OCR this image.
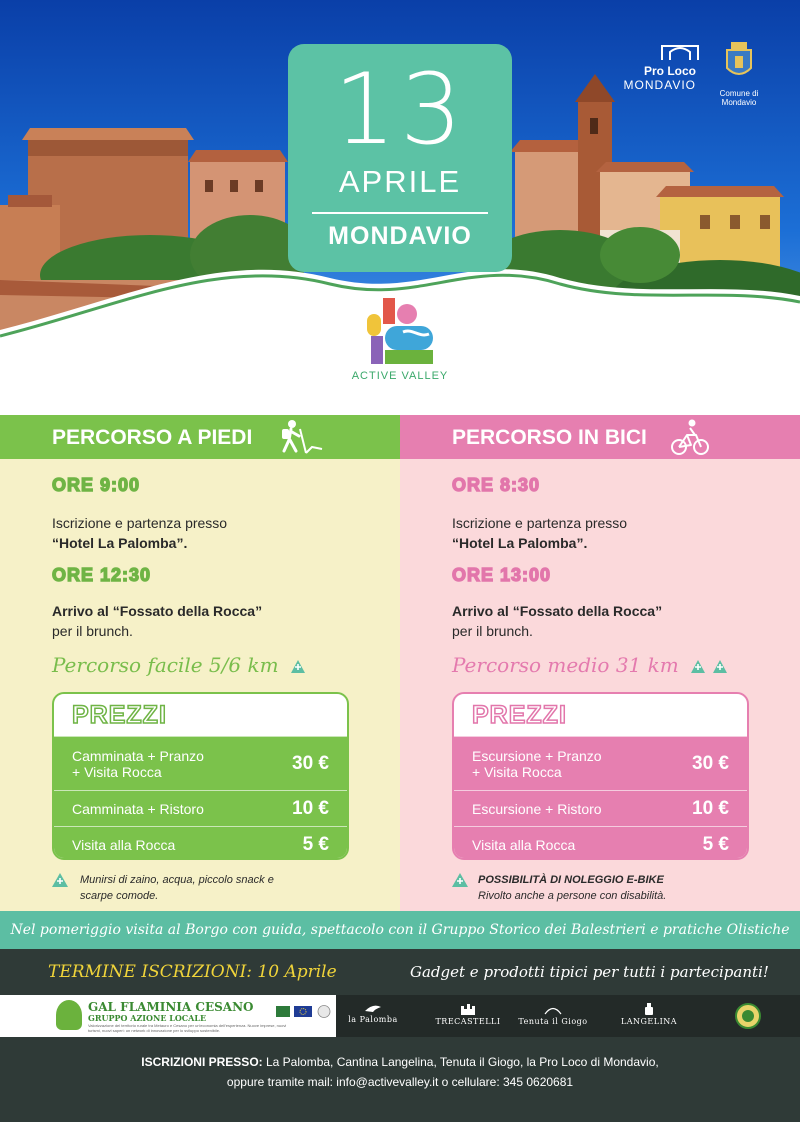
13
APRILE
MONDAVIO
Pro Loco
MONDAVIO
Comune di Mondavio
ACTIVE VALLEY
PERCORSO A PIEDI
ORE 9:00
Iscrizione e partenza presso
“Hotel La Palomba”.
ORE 12:30
Arrivo al “Fossato della Rocca”
per il brunch.
Percorso facile 5/6 km
PREZZI
Camminata + Pranzo
+ Visita Rocca	30 €
Camminata + Ristoro	10 €
Visita alla Rocca	5 €
Munirsi di zaino, acqua, piccolo snack e
scarpe comode.
PERCORSO IN BICI
ORE 8:30
Iscrizione e partenza presso
“Hotel La Palomba”.
ORE 13:00
Arrivo al “Fossato della Rocca”
per il brunch.
Percorso medio 31 km
PREZZI
Escursione + Pranzo
+ Visita Rocca	30 €
Escursione + Ristoro	10 €
Visita alla Rocca	5 €
POSSIBILITÀ DI NOLEGGIO E-BIKE
Rivolto anche a persone con disabilità.
Nel pomeriggio visita al Borgo con guida, spettacolo con il Gruppo Storico dei Balestrieri e pratiche Olistiche
TERMINE ISCRIZIONI: 10 Aprile	Gadget e prodotti tipici per tutti i partecipanti!
GAL FLAMINIA CESANO
GRUPPO AZIONE LOCALE
Valorizzazione del territorio rurale tra Metauro e Cesano per un'economia dell'esperienza. Nuove imprese, nuovi turismi, nuovi saperi: un network di innovazione per lo sviluppo sostenibile.
la Palomba	TRECASTELLI	Tenuta il Giogo	LANGELINA
ISCRIZIONI PRESSO: La Palomba, Cantina Langelina, Tenuta il Giogo, la Pro Loco di Mondavio,
oppure tramite mail: info@activevalley.it o cellulare: 345 0620681
